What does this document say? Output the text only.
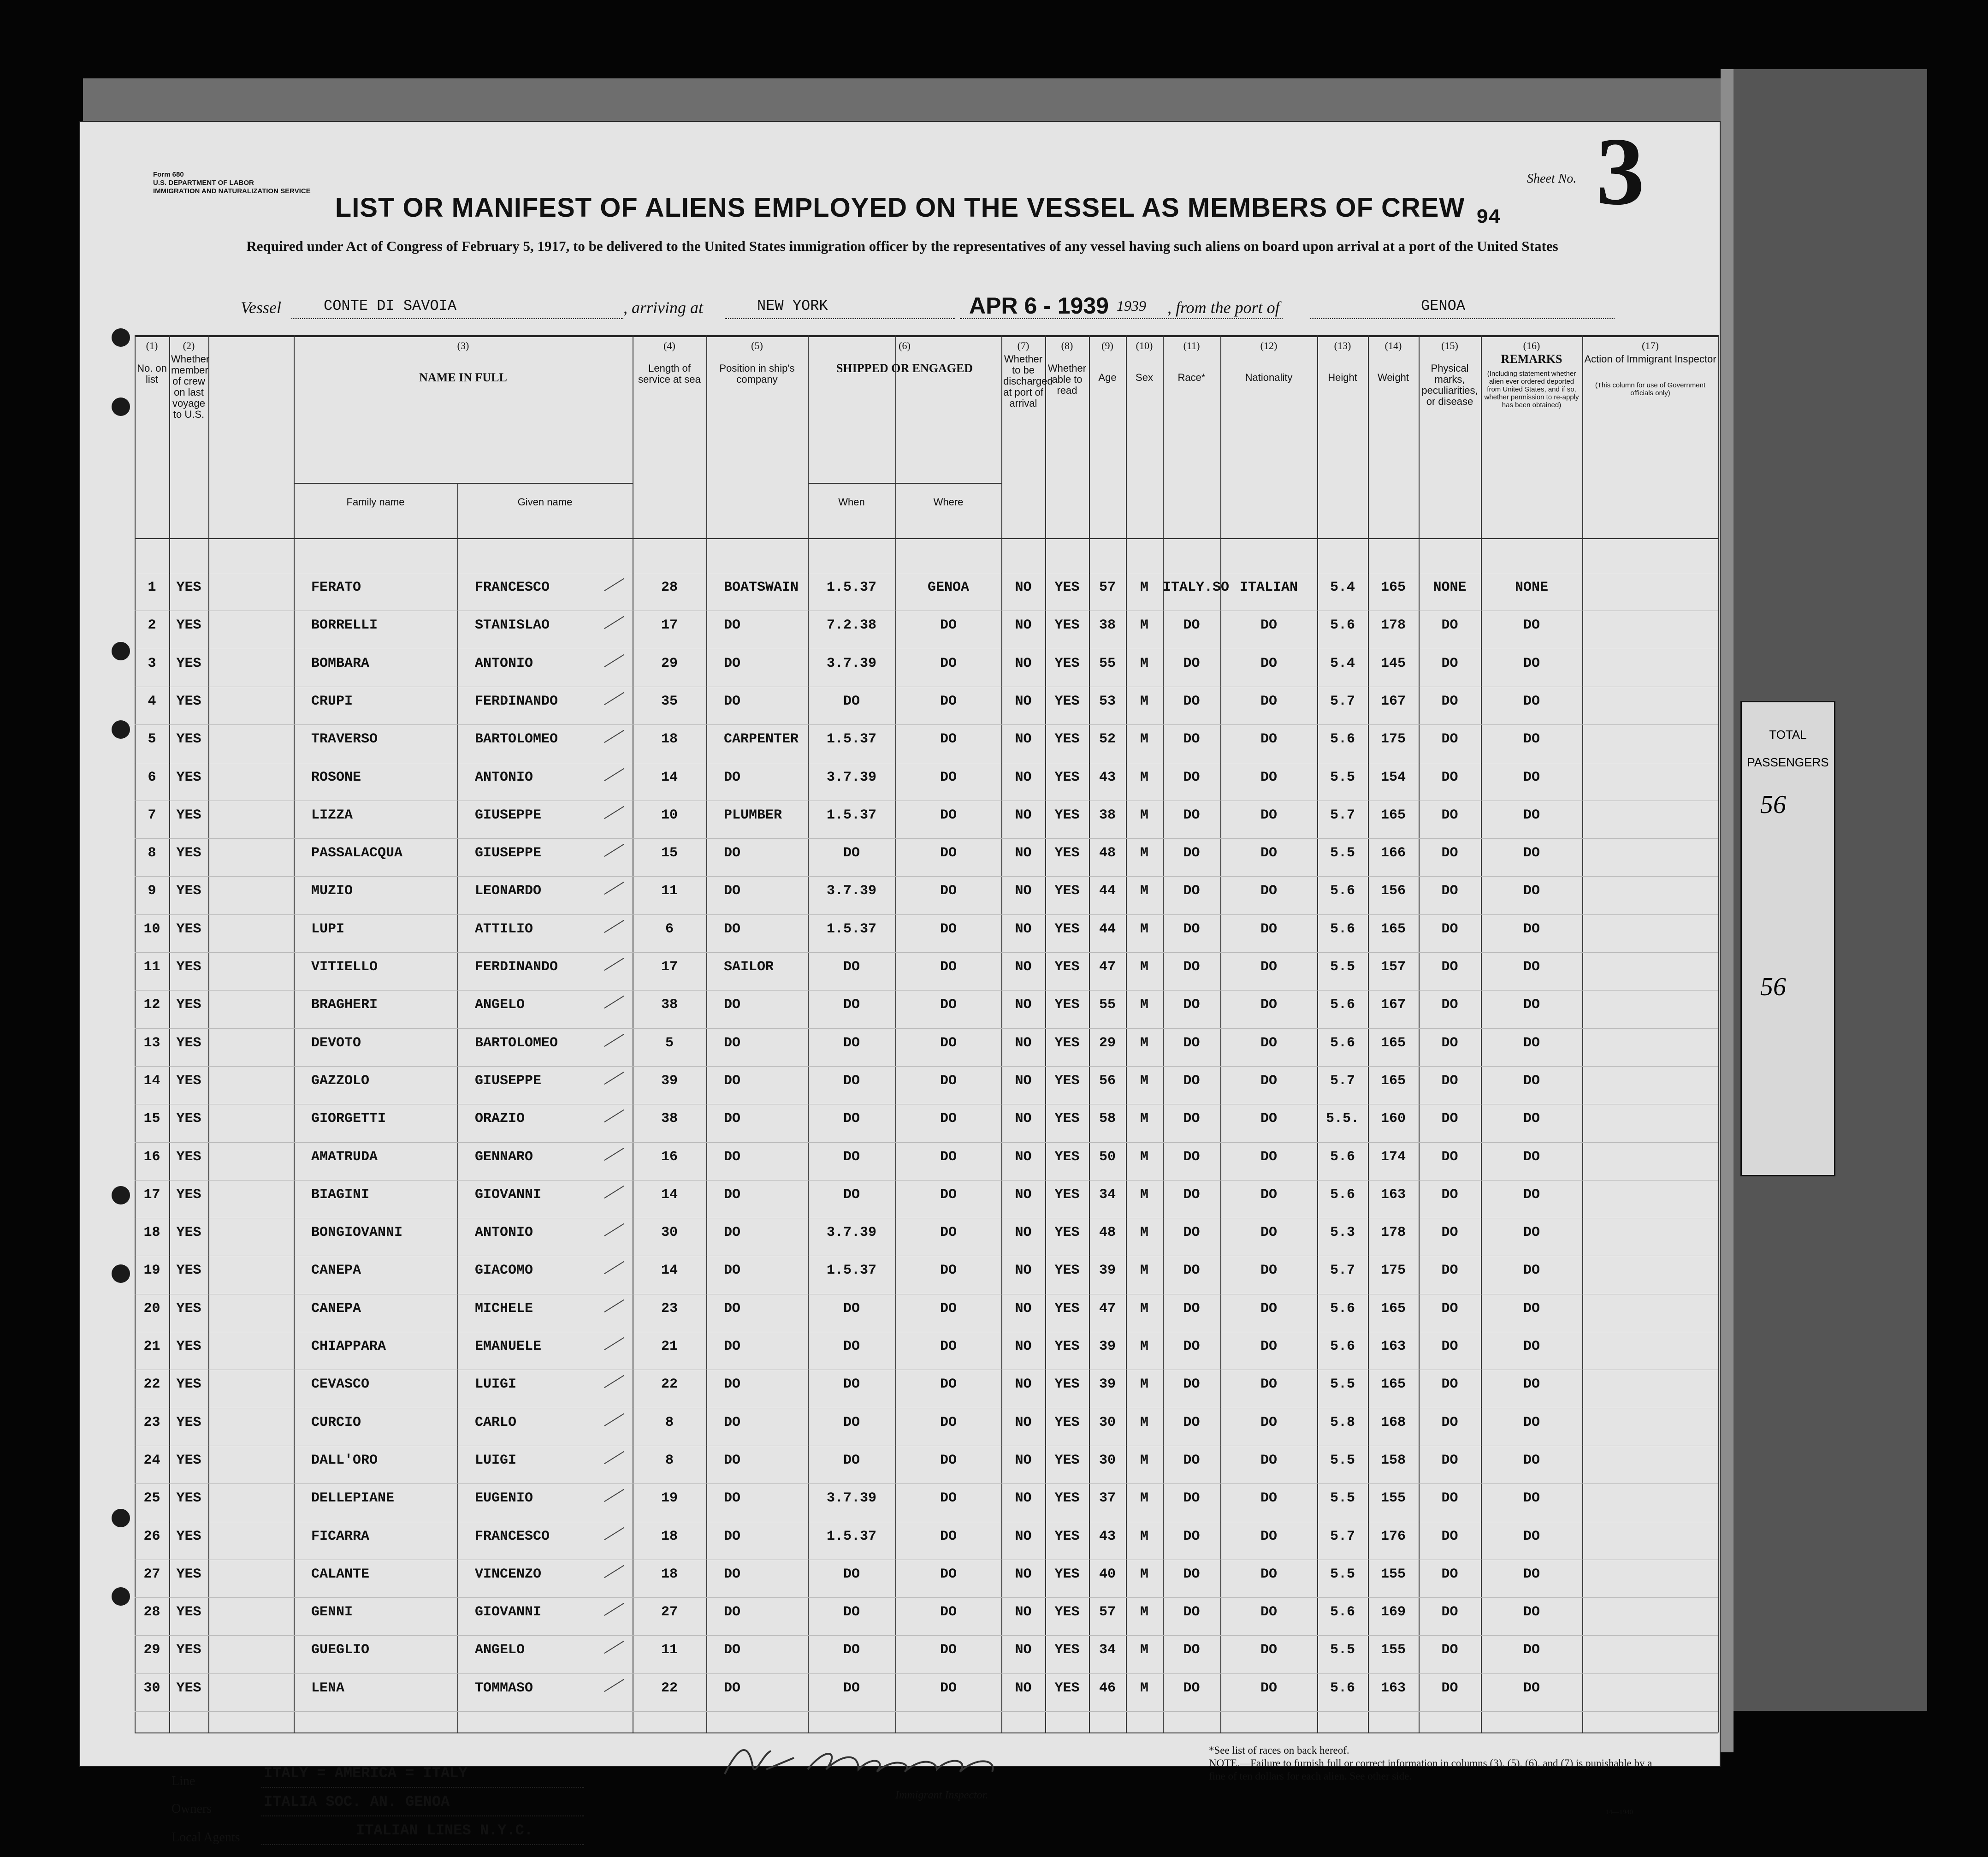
TOTAL
PASSENGERS
56
56
Form 680
U.S. DEPARTMENT OF LABOR
IMMIGRATION AND NATURALIZATION SERVICE
Sheet No. 3
94
LIST OR MANIFEST OF ALIENS EMPLOYED ON THE VESSEL AS MEMBERS OF CREW
Required under Act of Congress of February 5, 1917, to be delivered to the United States immigration officer by the representatives of any vessel having such aliens on board upon arrival at a port of the United States
Vessel	CONTE DI SAVOIA	, arriving at	NEW YORK	APR 6 - 1939 1939 , from the port of	GENOA
1	YES	FERATO	FRANCESCO	28	BOATSWAIN	1.5.37	GENOA	NO	YES	57	M	ITALY.SO ITALIAN	5.4	165	NONE	NONE
2	YES	BORRELLI	STANISLAO	17	DO	7.2.38	DO	NO	YES	38	M	DO	DO	5.6	178	DO	DO
3	YES	BOMBARA	ANTONIO	29	DO	3.7.39	DO	NO	YES	55	M	DO	DO	5.4	145	DO	DO
4	YES	CRUPI	FERDINANDO	35	DO	DO	DO	NO	YES	53	M	DO	DO	5.7	167	DO	DO
5	YES	TRAVERSO	BARTOLOMEO	18	CARPENTER	1.5.37	DO	NO	YES	52	M	DO	DO	5.6	175	DO	DO
6	YES	ROSONE	ANTONIO	14	DO	3.7.39	DO	NO	YES	43	M	DO	DO	5.5	154	DO	DO
7	YES	LIZZA	GIUSEPPE	10	PLUMBER	1.5.37	DO	NO	YES	38	M	DO	DO	5.7	165	DO	DO
8	YES	PASSALACQUA	GIUSEPPE	15	DO	DO	DO	NO	YES	48	M	DO	DO	5.5	166	DO	DO
9	YES	MUZIO	LEONARDO	11	DO	3.7.39	DO	NO	YES	44	M	DO	DO	5.6	156	DO	DO
10	YES	LUPI	ATTILIO	6	DO	1.5.37	DO	NO	YES	44	M	DO	DO	5.6	165	DO	DO
11	YES	VITIELLO	FERDINANDO	17	SAILOR	DO	DO	NO	YES	47	M	DO	DO	5.5	157	DO	DO
12	YES	BRAGHERI	ANGELO	38	DO	DO	DO	NO	YES	55	M	DO	DO	5.6	167	DO	DO
13	YES	DEVOTO	BARTOLOMEO	5	DO	DO	DO	NO	YES	29	M	DO	DO	5.6	165	DO	DO
14	YES	GAZZOLO	GIUSEPPE	39	DO	DO	DO	NO	YES	56	M	DO	DO	5.7	165	DO	DO
15	YES	GIORGETTI	ORAZIO	38	DO	DO	DO	NO	YES	58	M	DO	DO	5.5.	160	DO	DO
16	YES	AMATRUDA	GENNARO	16	DO	DO	DO	NO	YES	50	M	DO	DO	5.6	174	DO	DO
17	YES	BIAGINI	GIOVANNI	14	DO	DO	DO	NO	YES	34	M	DO	DO	5.6	163	DO	DO
18	YES	BONGIOVANNI	ANTONIO	30	DO	3.7.39	DO	NO	YES	48	M	DO	DO	5.3	178	DO	DO
19	YES	CANEPA	GIACOMO	14	DO	1.5.37	DO	NO	YES	39	M	DO	DO	5.7	175	DO	DO
20	YES	CANEPA	MICHELE	23	DO	DO	DO	NO	YES	47	M	DO	DO	5.6	165	DO	DO
21	YES	CHIAPPARA	EMANUELE	21	DO	DO	DO	NO	YES	39	M	DO	DO	5.6	163	DO	DO
22	YES	CEVASCO	LUIGI	22	DO	DO	DO	NO	YES	39	M	DO	DO	5.5	165	DO	DO
23	YES	CURCIO	CARLO	8	DO	DO	DO	NO	YES	30	M	DO	DO	5.8	168	DO	DO
24	YES	DALL'ORO	LUIGI	8	DO	DO	DO	NO	YES	30	M	DO	DO	5.5	158	DO	DO
25	YES	DELLEPIANE	EUGENIO	19	DO	3.7.39	DO	NO	YES	37	M	DO	DO	5.5	155	DO	DO
26	YES	FICARRA	FRANCESCO	18	DO	1.5.37	DO	NO	YES	43	M	DO	DO	5.7	176	DO	DO
27	YES	CALANTE	VINCENZO	18	DO	DO	DO	NO	YES	40	M	DO	DO	5.5	155	DO	DO
28	YES	GENNI	GIOVANNI	27	DO	DO	DO	NO	YES	57	M	DO	DO	5.6	169	DO	DO
29	YES	GUEGLIO	ANGELO	11	DO	DO	DO	NO	YES	34	M	DO	DO	5.5	155	DO	DO
30	YES	LENA	TOMMASO	22	DO	DO	DO	NO	YES	46	M	DO	DO	5.6	163	DO	DO
(1)	(2)	(3)	(4)	(5)	(6)	(7)	(8)	(9)	(10)	(11)	(12)	(13)	(14)	(15)	(16)	(17)
No. on list
Whether member of crew on last voyage to U.S.
NAME IN FULL
Family name	Given name
Length of service at sea
Position in ship's company
SHIPPED OR ENGAGED
When	Where
Whether to be discharged at port of arrival
Whether able to read
Age	Sex	Race*	Nationality	Height	Weight
Physical marks, peculiarities, or disease
REMARKS
(Including statement whether alien ever ordered deported from United States, and if so, whether permission to re-apply has been obtained)
Action of Immigrant Inspector
(This column for use of Government officials only)
Immigrant Inspector.
Line	ITALY = AMERICA = ITALY
Owners	ITALIA SOC. AN. GENOA
Local Agents	ITALIAN LINES N.Y.C.
*See list of races on back hereof.
NOTE.—Failure to furnish full or correct information in columns (3), (5), (6), and (7) is punishable by a fine of ten dollars for each alien. See other side.
14—1940
